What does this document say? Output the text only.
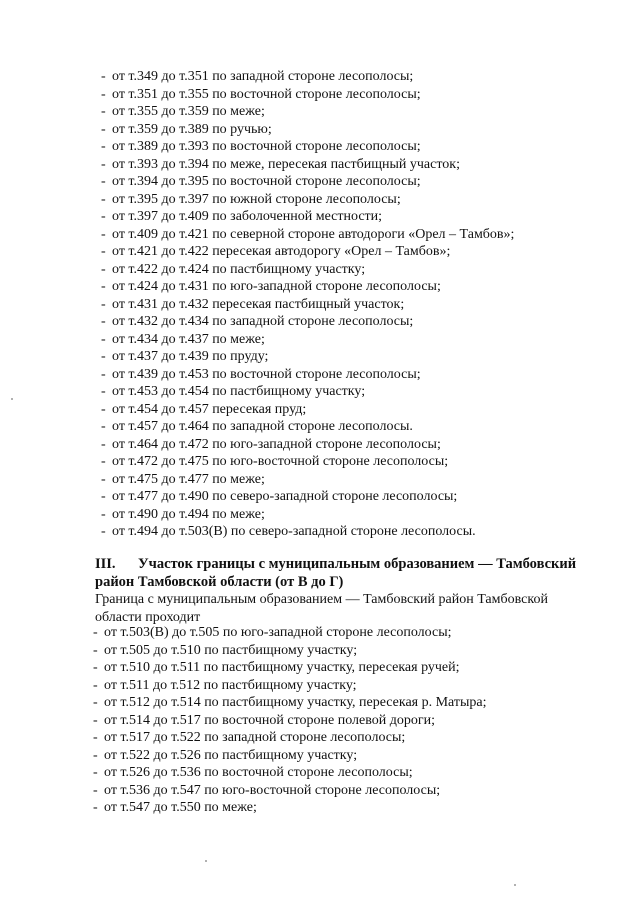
- от т.349 до т.351 по западной стороне лесополосы;
- от т.351 до т.355 по восточной стороне лесополосы;
- от т.355 до т.359 по меже;
- от т.359 до т.389 по ручью;
- от т.389 до т.393 по восточной стороне лесополосы;
- от т.393 до т.394 по меже, пересекая пастбищный участок;
- от т.394 до т.395 по восточной стороне лесополосы;
- от т.395 до т.397 по южной стороне лесополосы;
- от т.397 до т.409 по заболоченной местности;
- от т.409 до т.421 по северной стороне автодороги «Орел – Тамбов»;
- от т.421 до т.422 пересекая автодорогу «Орел – Тамбов»;
- от т.422 до т.424 по пастбищному участку;
- от т.424 до т.431 по юго-западной стороне лесополосы;
- от т.431 до т.432 пересекая пастбищный участок;
- от т.432 до т.434 по западной стороне лесополосы;
- от т.434 до т.437 по меже;
- от т.437 до т.439 по пруду;
- от т.439 до т.453 по восточной стороне лесополосы;
- от т.453 до т.454 по пастбищному участку;
- от т.454 до т.457 пересекая пруд;
- от т.457 до т.464 по западной стороне лесополосы.
- от т.464 до т.472 по юго-западной стороне лесополосы;
- от т.472 до т.475 по юго-восточной стороне лесополосы;
- от т.475 до т.477 по меже;
- от т.477 до т.490 по северо-западной стороне лесополосы;
- от т.490 до т.494 по меже;
- от т.494 до т.503(В) по северо-западной стороне лесополосы.

III. Участок границы с муниципальным образованием — Тамбовский
район Тамбовской области (от В до Г)

Граница с муниципальным образованием — Тамбовский район Тамбовской
области проходит

- от т.503(В) до т.505 по юго-западной стороне лесополосы;
- от т.505 до т.510 по пастбищному участку;
- от т.510 до т.511 по пастбищному участку, пересекая ручей;
- от т.511 до т.512 по пастбищному участку;
- от т.512 до т.514 по пастбищному участку, пересекая р. Матыра;
- от т.514 до т.517 по восточной стороне полевой дороги;
- от т.517 до т.522 по западной стороне лесополосы;
- от т.522 до т.526 по пастбищному участку;
- от т.526 до т.536 по восточной стороне лесополосы;
- от т.536 до т.547 по юго-восточной стороне лесополосы;
- от т.547 до т.550 по меже;
